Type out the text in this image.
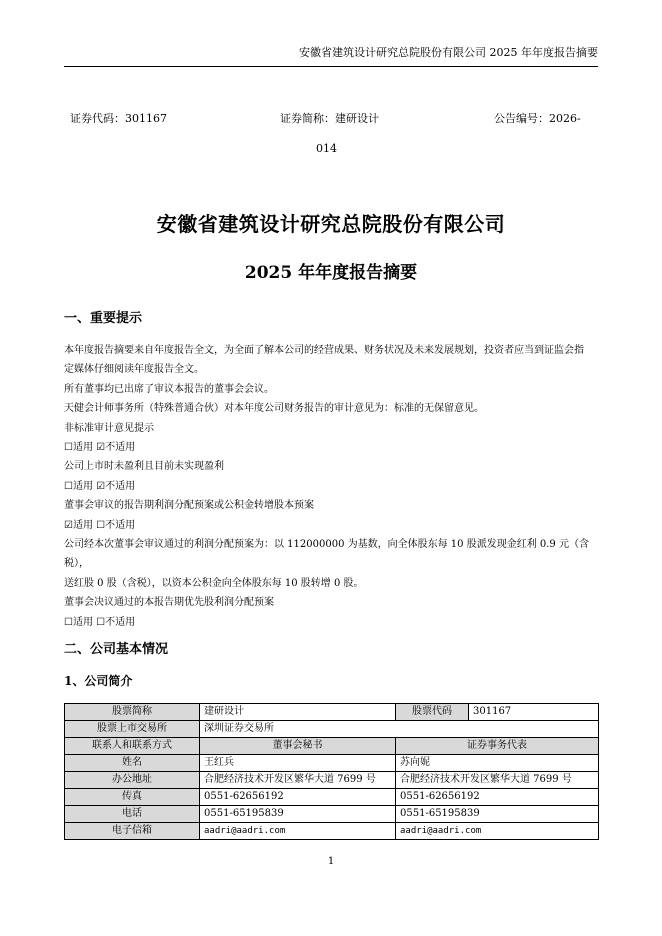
安徽省建筑设计研究总院股份有限公司 2025 年年度报告摘要
证券代码：301167	证券简称：建研设计	公告编号：2026-
014
安徽省建筑设计研究总院股份有限公司
2025 年年度报告摘要
一、重要提示

本年度报告摘要来自年度报告全文，为全面了解本公司的经营成果、财务状况及未来发展规划，投资者应当到证监会指

定媒体仔细阅读年度报告全文。

所有董事均已出席了审议本报告的董事会会议。

天健会计师事务所（特殊普通合伙）对本年度公司财务报告的审计意见为：标准的无保留意见。

非标准审计意见提示

☐适用 ☑不适用

公司上市时未盈利且目前未实现盈利

☐适用 ☑不适用

董事会审议的报告期利润分配预案或公积金转增股本预案

☑适用 ☐不适用

公司经本次董事会审议通过的利润分配预案为：以 112000000 为基数，向全体股东每 10 股派发现金红利 0.9 元（含税），

送红股 0 股（含税），以资本公积金向全体股东每 10 股转增 0 股。

董事会决议通过的本报告期优先股利润分配预案

☐适用 ☐不适用

二、公司基本情况
1、公司简介
股票简称	建研设计	股票代码	301167
股票上市交易所	深圳证券交易所		
联系人和联系方式	董事会秘书	证券事务代表	
姓名	王红兵	苏向妮	
办公地址	合肥经济技术开发区繁华大道 7699 号	合肥经济技术开发区繁华大道 7699 号	
传真	0551-62656192	0551-62656192	
电话	0551-65195839	0551-65195839	
电子信箱	aadri@aadri.com	aadri@aadri.com	
1
